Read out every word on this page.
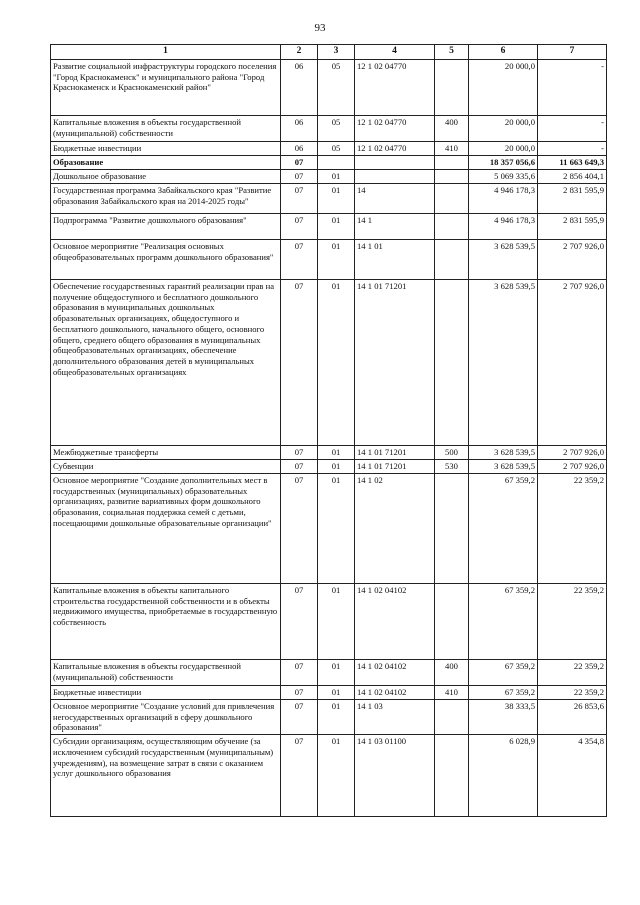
93
1	2	3	4	5	6	7
Развитие социальной инфраструктуры городского поселения "Город Краснокаменск" и муниципального района "Город Краснокаменск и Краснокаменский район"	06	05	12 1 02 04770		20 000,0	-
Капитальные вложения в объекты государственной (муниципальной) собственности	06	05	12 1 02 04770	400	20 000,0	-
Бюджетные инвестиции	06	05	12 1 02 04770	410	20 000,0	-
Образование	07				18 357 056,6	11 663 649,3
Дошкольное образование	07	01			5 069 335,6	2 856 404,1
Государственная программа Забайкальского края "Развитие образования Забайкальского края на 2014-2025 годы"	07	01	14		4 946 178,3	2 831 595,9
Подпрограмма "Развитие дошкольного образования"	07	01	14 1		4 946 178,3	2 831 595,9
Основное мероприятие "Реализация основных общеобразовательных программ дошкольного образования"	07	01	14 1 01		3 628 539,5	2 707 926,0
Обеспечение государственных гарантий реализации прав на получение общедоступного и бесплатного дошкольного образования в муниципальных дошкольных образовательных организациях, общедоступного и бесплатного дошкольного, начального общего, основного общего, среднего общего образования в муниципальных общеобразовательных организациях, обеспечение дополнительного образования детей в муниципальных общеобразовательных организациях	07	01	14 1 01 71201		3 628 539,5	2 707 926,0
Межбюджетные трансферты	07	01	14 1 01 71201	500	3 628 539,5	2 707 926,0
Субвенции	07	01	14 1 01 71201	530	3 628 539,5	2 707 926,0
Основное мероприятие "Создание дополнительных мест в государственных (муниципальных) образовательных организациях, развитие вариативных форм дошкольного образования, социальная поддержка семей с детьми, посещающими дошкольные образовательные организации"	07	01	14 1 02		67 359,2	22 359,2
Капитальные вложения в объекты капитального строительства государственной собственности и в объекты недвижимого имущества, приобретаемые в государственную собственность	07	01	14 1 02 04102		67 359,2	22 359,2
Капитальные вложения в объекты государственной (муниципальной) собственности	07	01	14 1 02 04102	400	67 359,2	22 359,2
Бюджетные инвестиции	07	01	14 1 02 04102	410	67 359,2	22 359,2
Основное мероприятие "Создание условий для привлечения негосударственных организаций в сферу дошкольного образования"	07	01	14 1 03		38 333,5	26 853,6
Субсидии организациям, осуществляющим обучение (за исключением субсидий государственным (муниципальным) учреждениям), на возмещение затрат в связи с оказанием услуг дошкольного образования	07	01	14 1 03 01100		6 028,9	4 354,8
